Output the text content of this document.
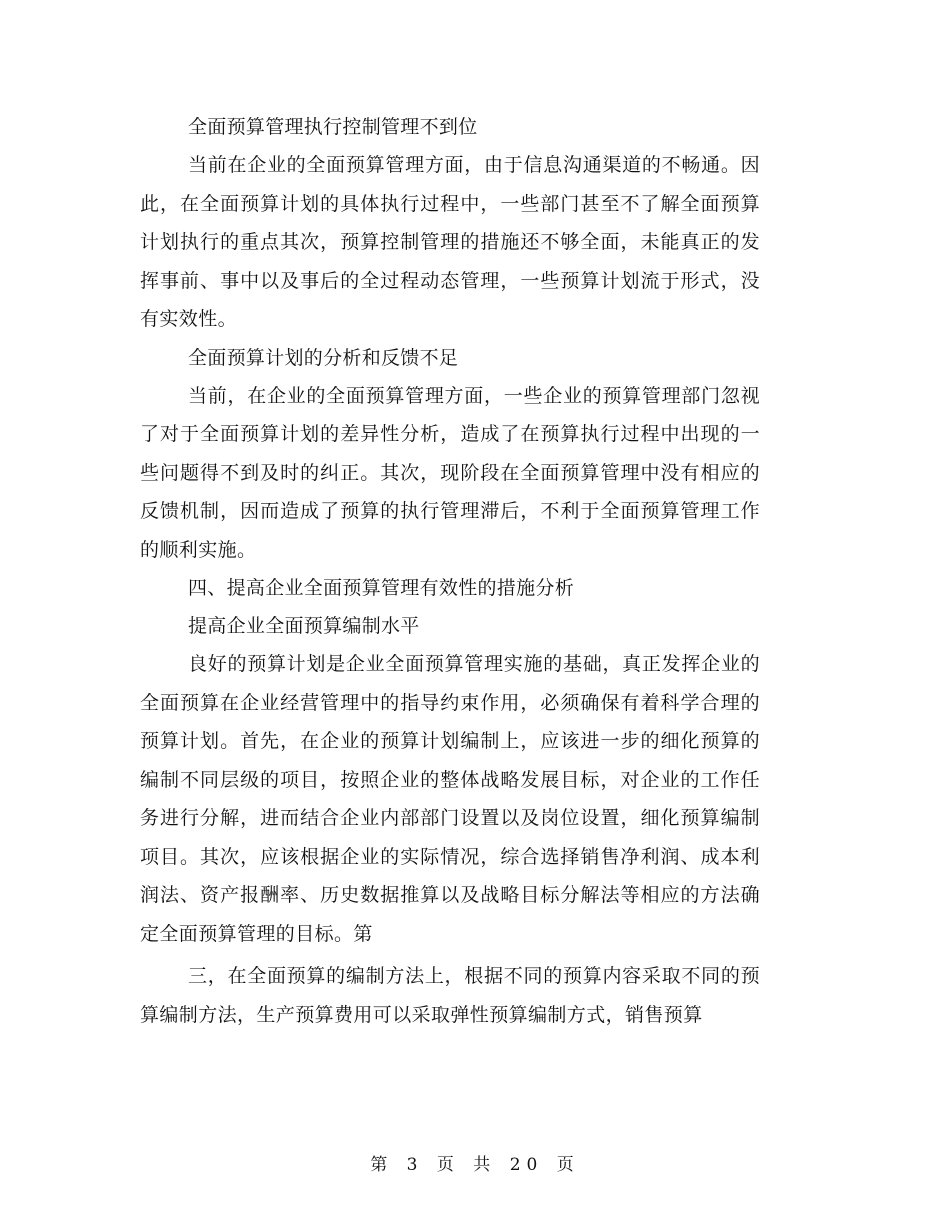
全面预算管理执行控制管理不到位

当前在企业的全面预算管理方面，由于信息沟通渠道的不畅通。因此，在全面预算计划的具体执行过程中，一些部门甚至不了解全面预算计划执行的重点其次，预算控制管理的措施还不够全面，未能真正的发挥事前、事中以及事后的全过程动态管理，一些预算计划流于形式，没有实效性。

全面预算计划的分析和反馈不足

当前，在企业的全面预算管理方面，一些企业的预算管理部门忽视了对于全面预算计划的差异性分析，造成了在预算执行过程中出现的一些问题得不到及时的纠正。其次，现阶段在全面预算管理中没有相应的反馈机制，因而造成了预算的执行管理滞后，不利于全面预算管理工作的顺利实施。

四、提高企业全面预算管理有效性的措施分析

提高企业全面预算编制水平

良好的预算计划是企业全面预算管理实施的基础，真正发挥企业的全面预算在企业经营管理中的指导约束作用，必须确保有着科学合理的预算计划。首先，在企业的预算计划编制上，应该进一步的细化预算的编制不同层级的项目，按照企业的整体战略发展目标，对企业的工作任务进行分解，进而结合企业内部部门设置以及岗位设置，细化预算编制项目。其次，应该根据企业的实际情况，综合选择销售净利润、成本利润法、资产报酬率、历史数据推算以及战略目标分解法等相应的方法确定全面预算管理的目标。第

三，在全面预算的编制方法上，根据不同的预算内容采取不同的预算编制方法，生产预算费用可以采取弹性预算编制方式，销售预算

第 3 页 共 20 页
